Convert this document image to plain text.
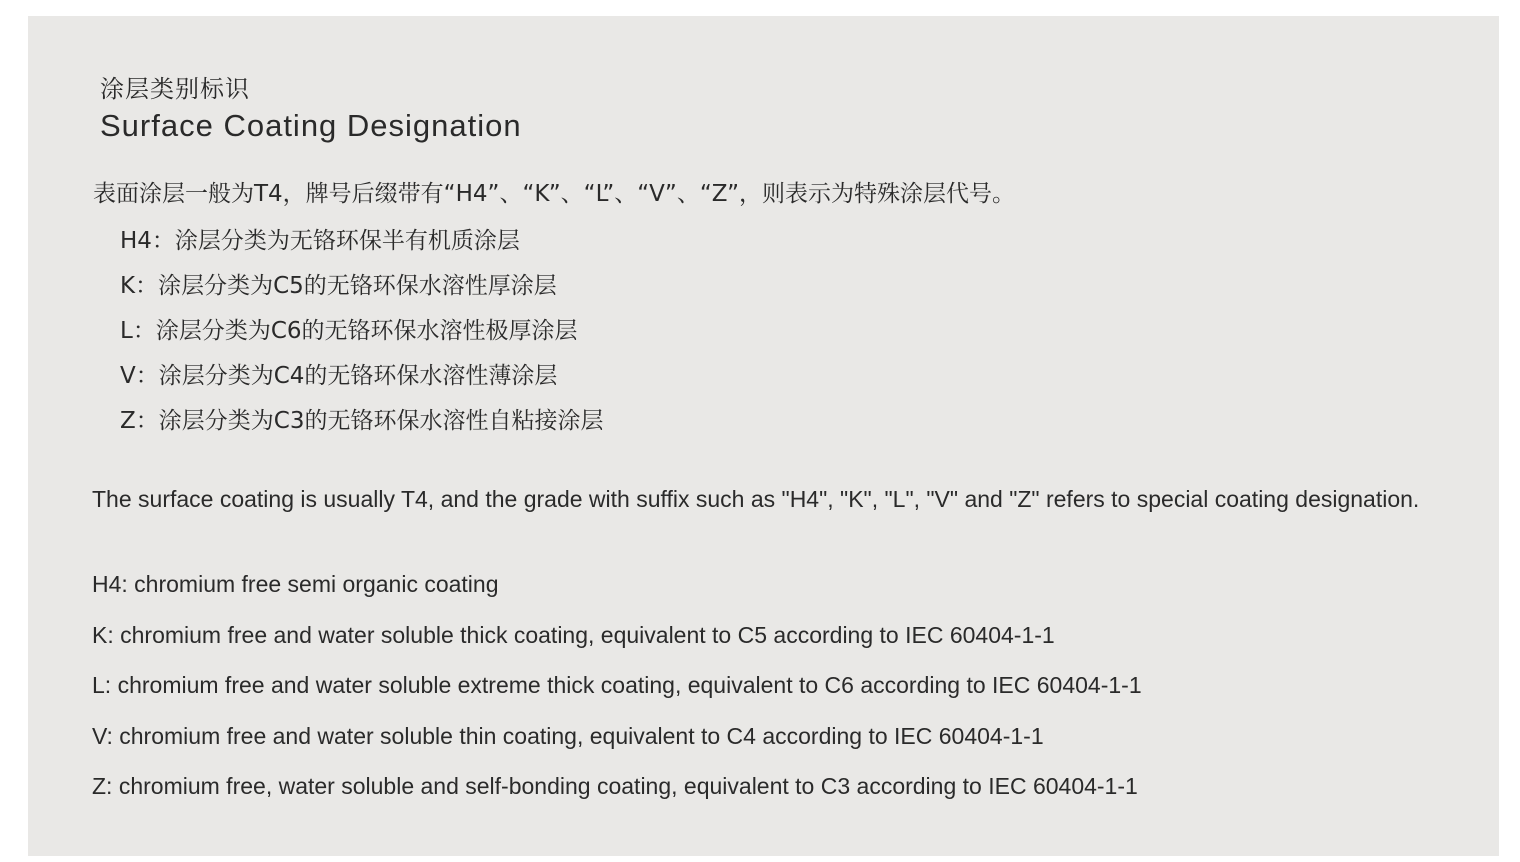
涂层类别标识
Surface Coating Designation
表面涂层一般为T4，牌号后缀带有“H4”、“K”、“L”、“V”、“Z”，则表示为特殊涂层代号。
H4：涂层分类为无铬环保半有机质涂层
K：涂层分类为C5的无铬环保水溶性厚涂层
L：涂层分类为C6的无铬环保水溶性极厚涂层
V：涂层分类为C4的无铬环保水溶性薄涂层
Z：涂层分类为C3的无铬环保水溶性自粘接涂层
The surface coating is usually T4, and the grade with suffix such as "H4", "K", "L", "V" and "Z" refers to special coating designation.
H4: chromium free semi organic coating
K: chromium free and water soluble thick coating, equivalent to C5 according to IEC 60404-1-1
L: chromium free and water soluble extreme thick coating, equivalent to C6 according to IEC 60404-1-1
V: chromium free and water soluble thin coating, equivalent to C4 according to IEC 60404-1-1
Z: chromium free, water soluble and self-bonding coating, equivalent to C3 according to IEC 60404-1-1
